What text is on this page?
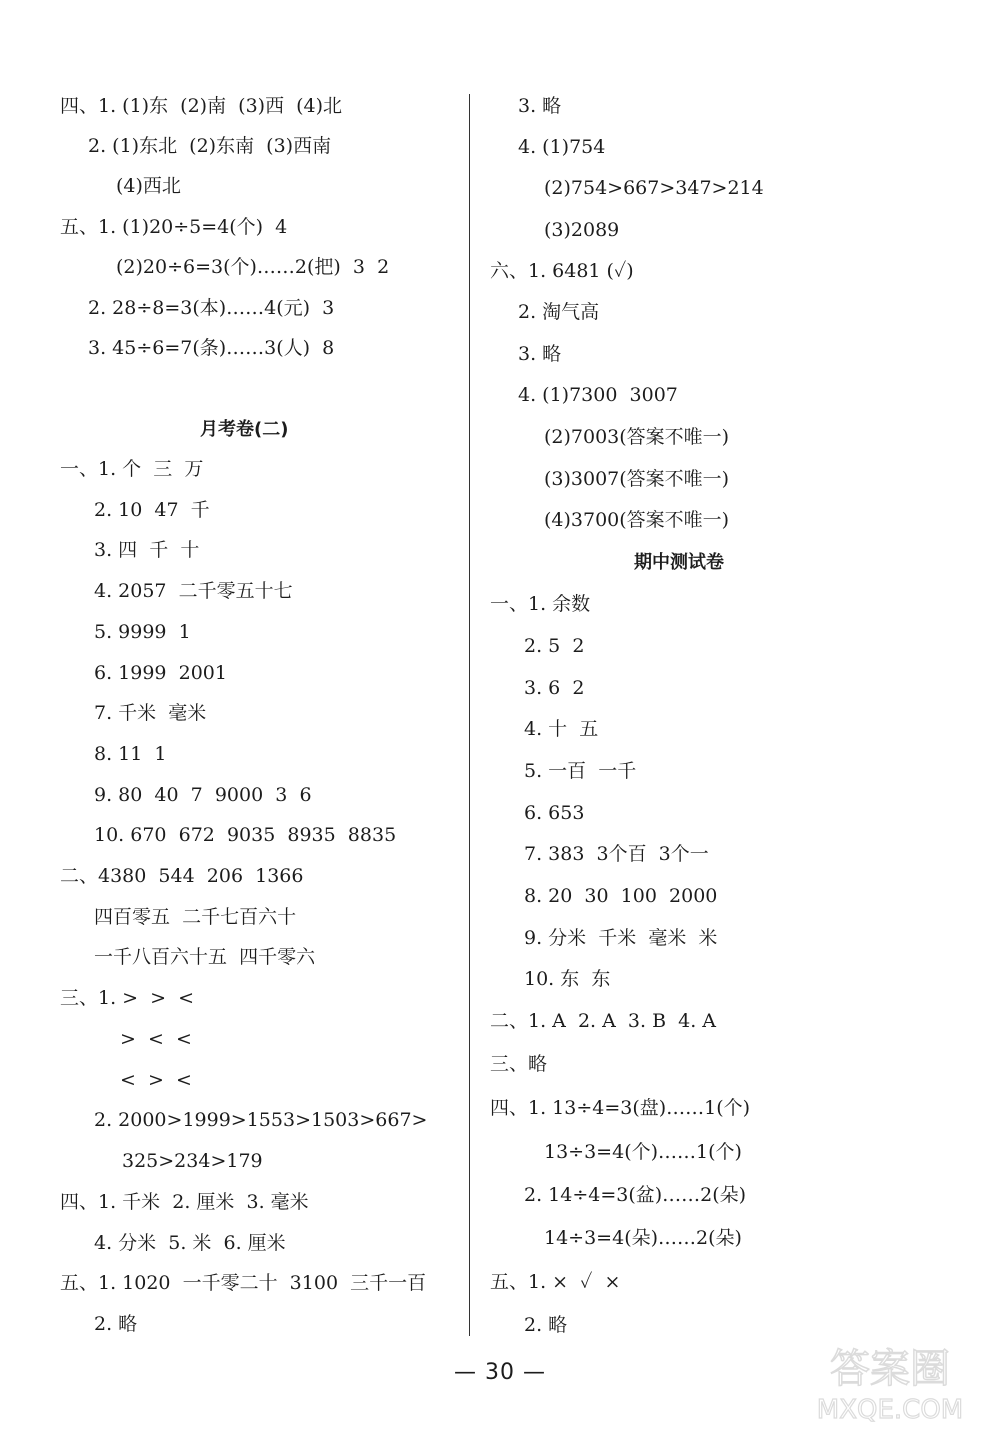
四、1. (1)东  (2)南  (3)西  (4)北
2. (1)东北  (2)东南  (3)西南
(4)西北
五、1. (1)20÷5=4(个)  4
(2)20÷6=3(个)……2(把)  3  2
2. 28÷8=3(本)……4(元)  3
3. 45÷6=7(条)……3(人)  8
月考卷(二)
一、1. 个  三  万
2. 10  47  千
3. 四  千  十
4. 2057  二千零五十七
5. 9999  1
6. 1999  2001
7. 千米  毫米
8. 11  1
9. 80  40  7  9000  3  6
10. 670  672  9035  8935  8835
二、4380  544  206  1366
四百零五  二千七百六十
一千八百六十五  四千零六
三、1. >  >  <
>  <  <
<  >  <
2. 2000>1999>1553>1503>667>
325>234>179
四、1. 千米  2. 厘米  3. 毫米
4. 分米  5. 米  6. 厘米
五、1. 1020  一千零二十  3100  三千一百
2. 略
3. 略
4. (1)754
(2)754>667>347>214
(3)2089
六、1. 6481 (✓)
2. 淘气高
3. 略
4. (1)7300  3007
(2)7003(答案不唯一)
(3)3007(答案不唯一)
(4)3700(答案不唯一)
期中测试卷
一、1. 余数
2. 5  2
3. 6  2
4. 十  五
5. 一百  一千
6. 653
7. 383  3个百  3个一
8. 20  30  100  2000
9. 分米  千米  毫米  米
10. 东  东
二、1. A  2. A  3. B  4. A
三、略
四、1. 13÷4=3(盘)……1(个)
13÷3=4(个)……1(个)
2. 14÷4=3(盆)……2(朵)
14÷3=4(朵)……2(朵)
五、1. ×  ✓  ×
2. 略
— 30 —	答案圈
MXQE.COM
